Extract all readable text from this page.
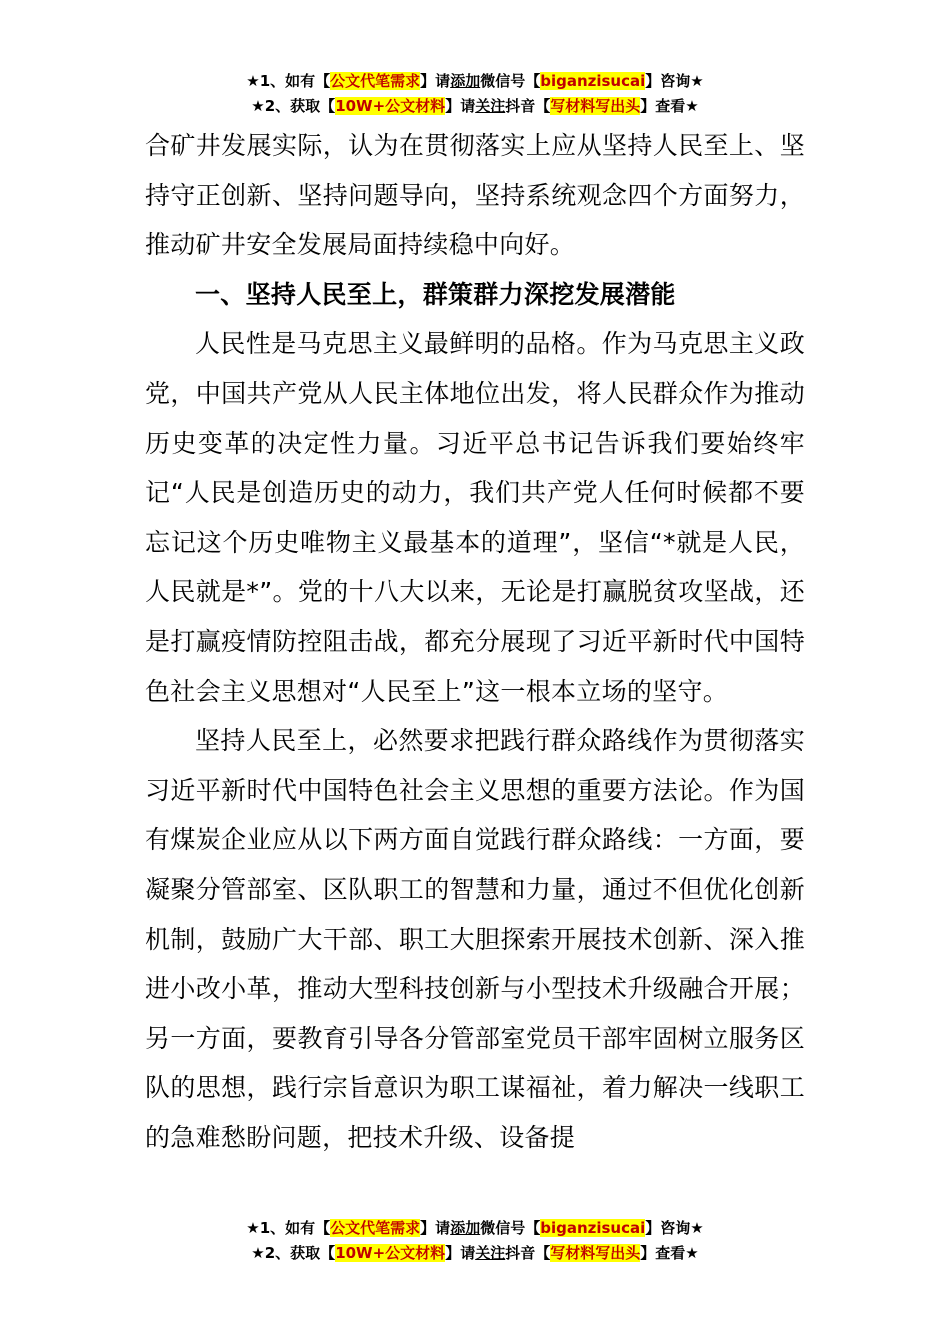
★1、如有【公文代笔需求】请添加微信号【biganzisucai】咨询★
★2、获取【10W+公文材料】请关注抖音【写材料写出头】查看★

合矿井发展实际，认为在贯彻落实上应从坚持人民至上、坚持守正创新、坚持问题导向，坚持系统观念四个方面努力，推动矿井安全发展局面持续稳中向好。

一、坚持人民至上，群策群力深挖发展潜能

人民性是马克思主义最鲜明的品格。作为马克思主义政党，中国共产党从人民主体地位出发，将人民群众作为推动历史变革的决定性力量。习近平总书记告诉我们要始终牢记“人民是创造历史的动力，我们共产党人任何时候都不要忘记这个历史唯物主义最基本的道理”，坚信“*就是人民，人民就是*”。党的十八大以来，无论是打赢脱贫攻坚战，还是打赢疫情防控阻击战，都充分展现了习近平新时代中国特色社会主义思想对“人民至上”这一根本立场的坚守。

坚持人民至上，必然要求把践行群众路线作为贯彻落实习近平新时代中国特色社会主义思想的重要方法论。作为国有煤炭企业应从以下两方面自觉践行群众路线：一方面，要凝聚分管部室、区队职工的智慧和力量，通过不但优化创新机制，鼓励广大干部、职工大胆探索开展技术创新、深入推进小改小革，推动大型科技创新与小型技术升级融合开展；另一方面，要教育引导各分管部室党员干部牢固树立服务区队的思想，践行宗旨意识为职工谋福祉，着力解决一线职工的急难愁盼问题，把技术升级、设备提

★1、如有【公文代笔需求】请添加微信号【biganzisucai】咨询★
★2、获取【10W+公文材料】请关注抖音【写材料写出头】查看★
